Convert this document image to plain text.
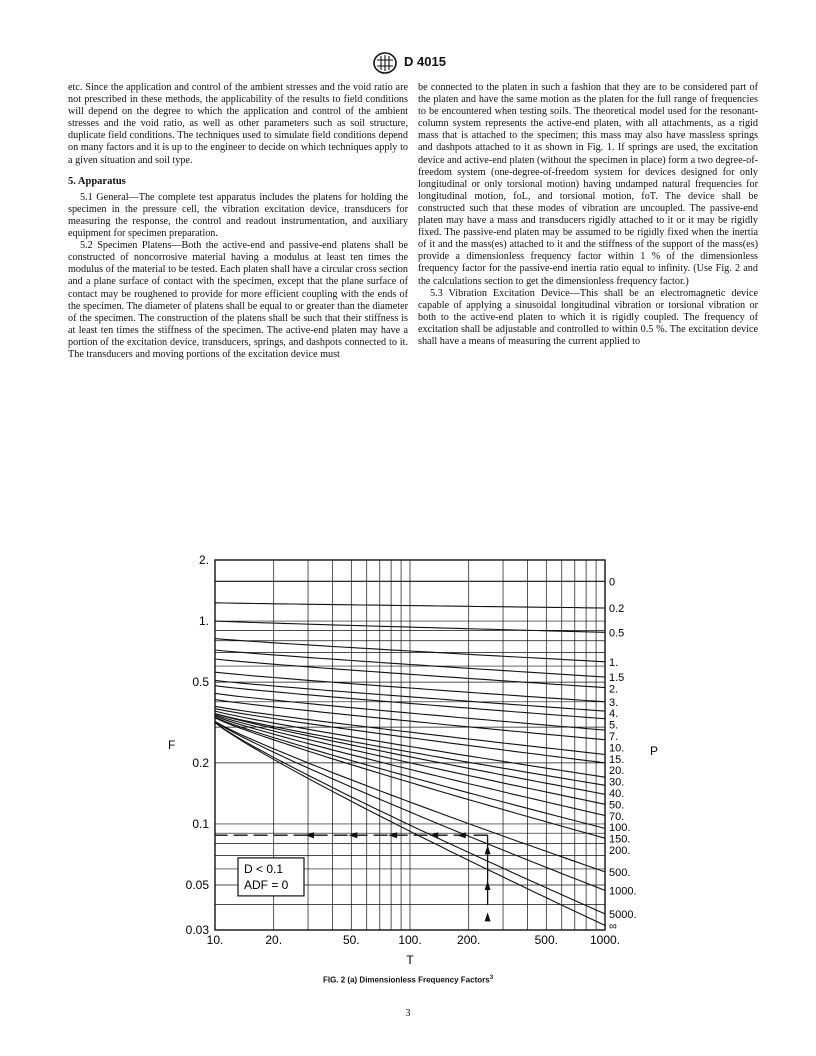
D 4015

etc. Since the application and control of the ambient stresses and the void ratio are not prescribed in these methods, the applicability of the results to field conditions will depend on the degree to which the application and control of the ambient stresses and the void ratio, as well as other parameters such as soil structure, duplicate field conditions. The techniques used to simulate field conditions depend on many factors and it is up to the engineer to decide on which techniques apply to a given situation and soil type.

5. Apparatus

5.1 General—The complete test apparatus includes the platens for holding the specimen in the pressure cell, the vibration excitation device, transducers for measuring the response, the control and readout instrumentation, and auxiliary equipment for specimen preparation.

5.2 Specimen Platens—Both the active-end and passive-end platens shall be constructed of noncorrosive material having a modulus at least ten times the modulus of the material to be tested. Each platen shall have a circular cross section and a plane surface of contact with the specimen, except that the plane surface of contact may be roughened to provide for more efficient coupling with the ends of the specimen. The diameter of platens shall be equal to or greater than the diameter of the specimen. The construction of the platens shall be such that their stiffness is at least ten times the stiffness of the specimen. The active-end platen may have a portion of the excitation device, transducers, springs, and dashpots connected to it. The transducers and moving portions of the excitation device must

be connected to the platen in such a fashion that they are to be considered part of the platen and have the same motion as the platen for the full range of frequencies to be encountered when testing soils. The theoretical model used for the resonant-column system represents the active-end platen, with all attachments, as a rigid mass that is attached to the specimen; this mass may also have massless springs and dashpots attached to it as shown in Fig. 1. If springs are used, the excitation device and active-end platen (without the specimen in place) form a two degree-of-freedom system (one-degree-of-freedom system for devices designed for only longitudinal or only torsional motion) having undamped natural frequencies for longitudinal motion, foL, and torsional motion, foT. The device shall be constructed such that these modes of vibration are uncoupled. The passive-end platen may have a mass and transducers rigidly attached to it or it may be rigidly fixed. The passive-end platen may be assumed to be rigidly fixed when the inertia of it and the mass(es) attached to it and the stiffness of the support of the mass(es) provide a dimensionless frequency factor within 1 % of the dimensionless frequency factor for the passive-end inertia ratio equal to infinity. (Use Fig. 2 and the calculations section to get the dimensionless frequency factor.)

5.3 Vibration Excitation Device—This shall be an electromagnetic device capable of applying a sinusoidal longitudinal vibration or torsional vibration or both to the active-end platen to which it is rigidly coupled. The frequency of excitation shall be adjustable and controlled to within 0.5 %. The excitation device shall have a means of measuring the current applied to

2.
1.
0.5
0.2
0.1
0.05
0.03
10.	20.	50.	100.	200.	500.	1000.
F
T
P
0
0.2
0.5
1.
1.5
2.
3.
4.
5.
7.
10.
15.
20.
30.
40.
50.
70.
100.
150.
200.
500.
1000.
5000.
∞
D < 0.1
ADF = 0
FIG. 2 (a) Dimensionless Frequency Factors$^3$
3
